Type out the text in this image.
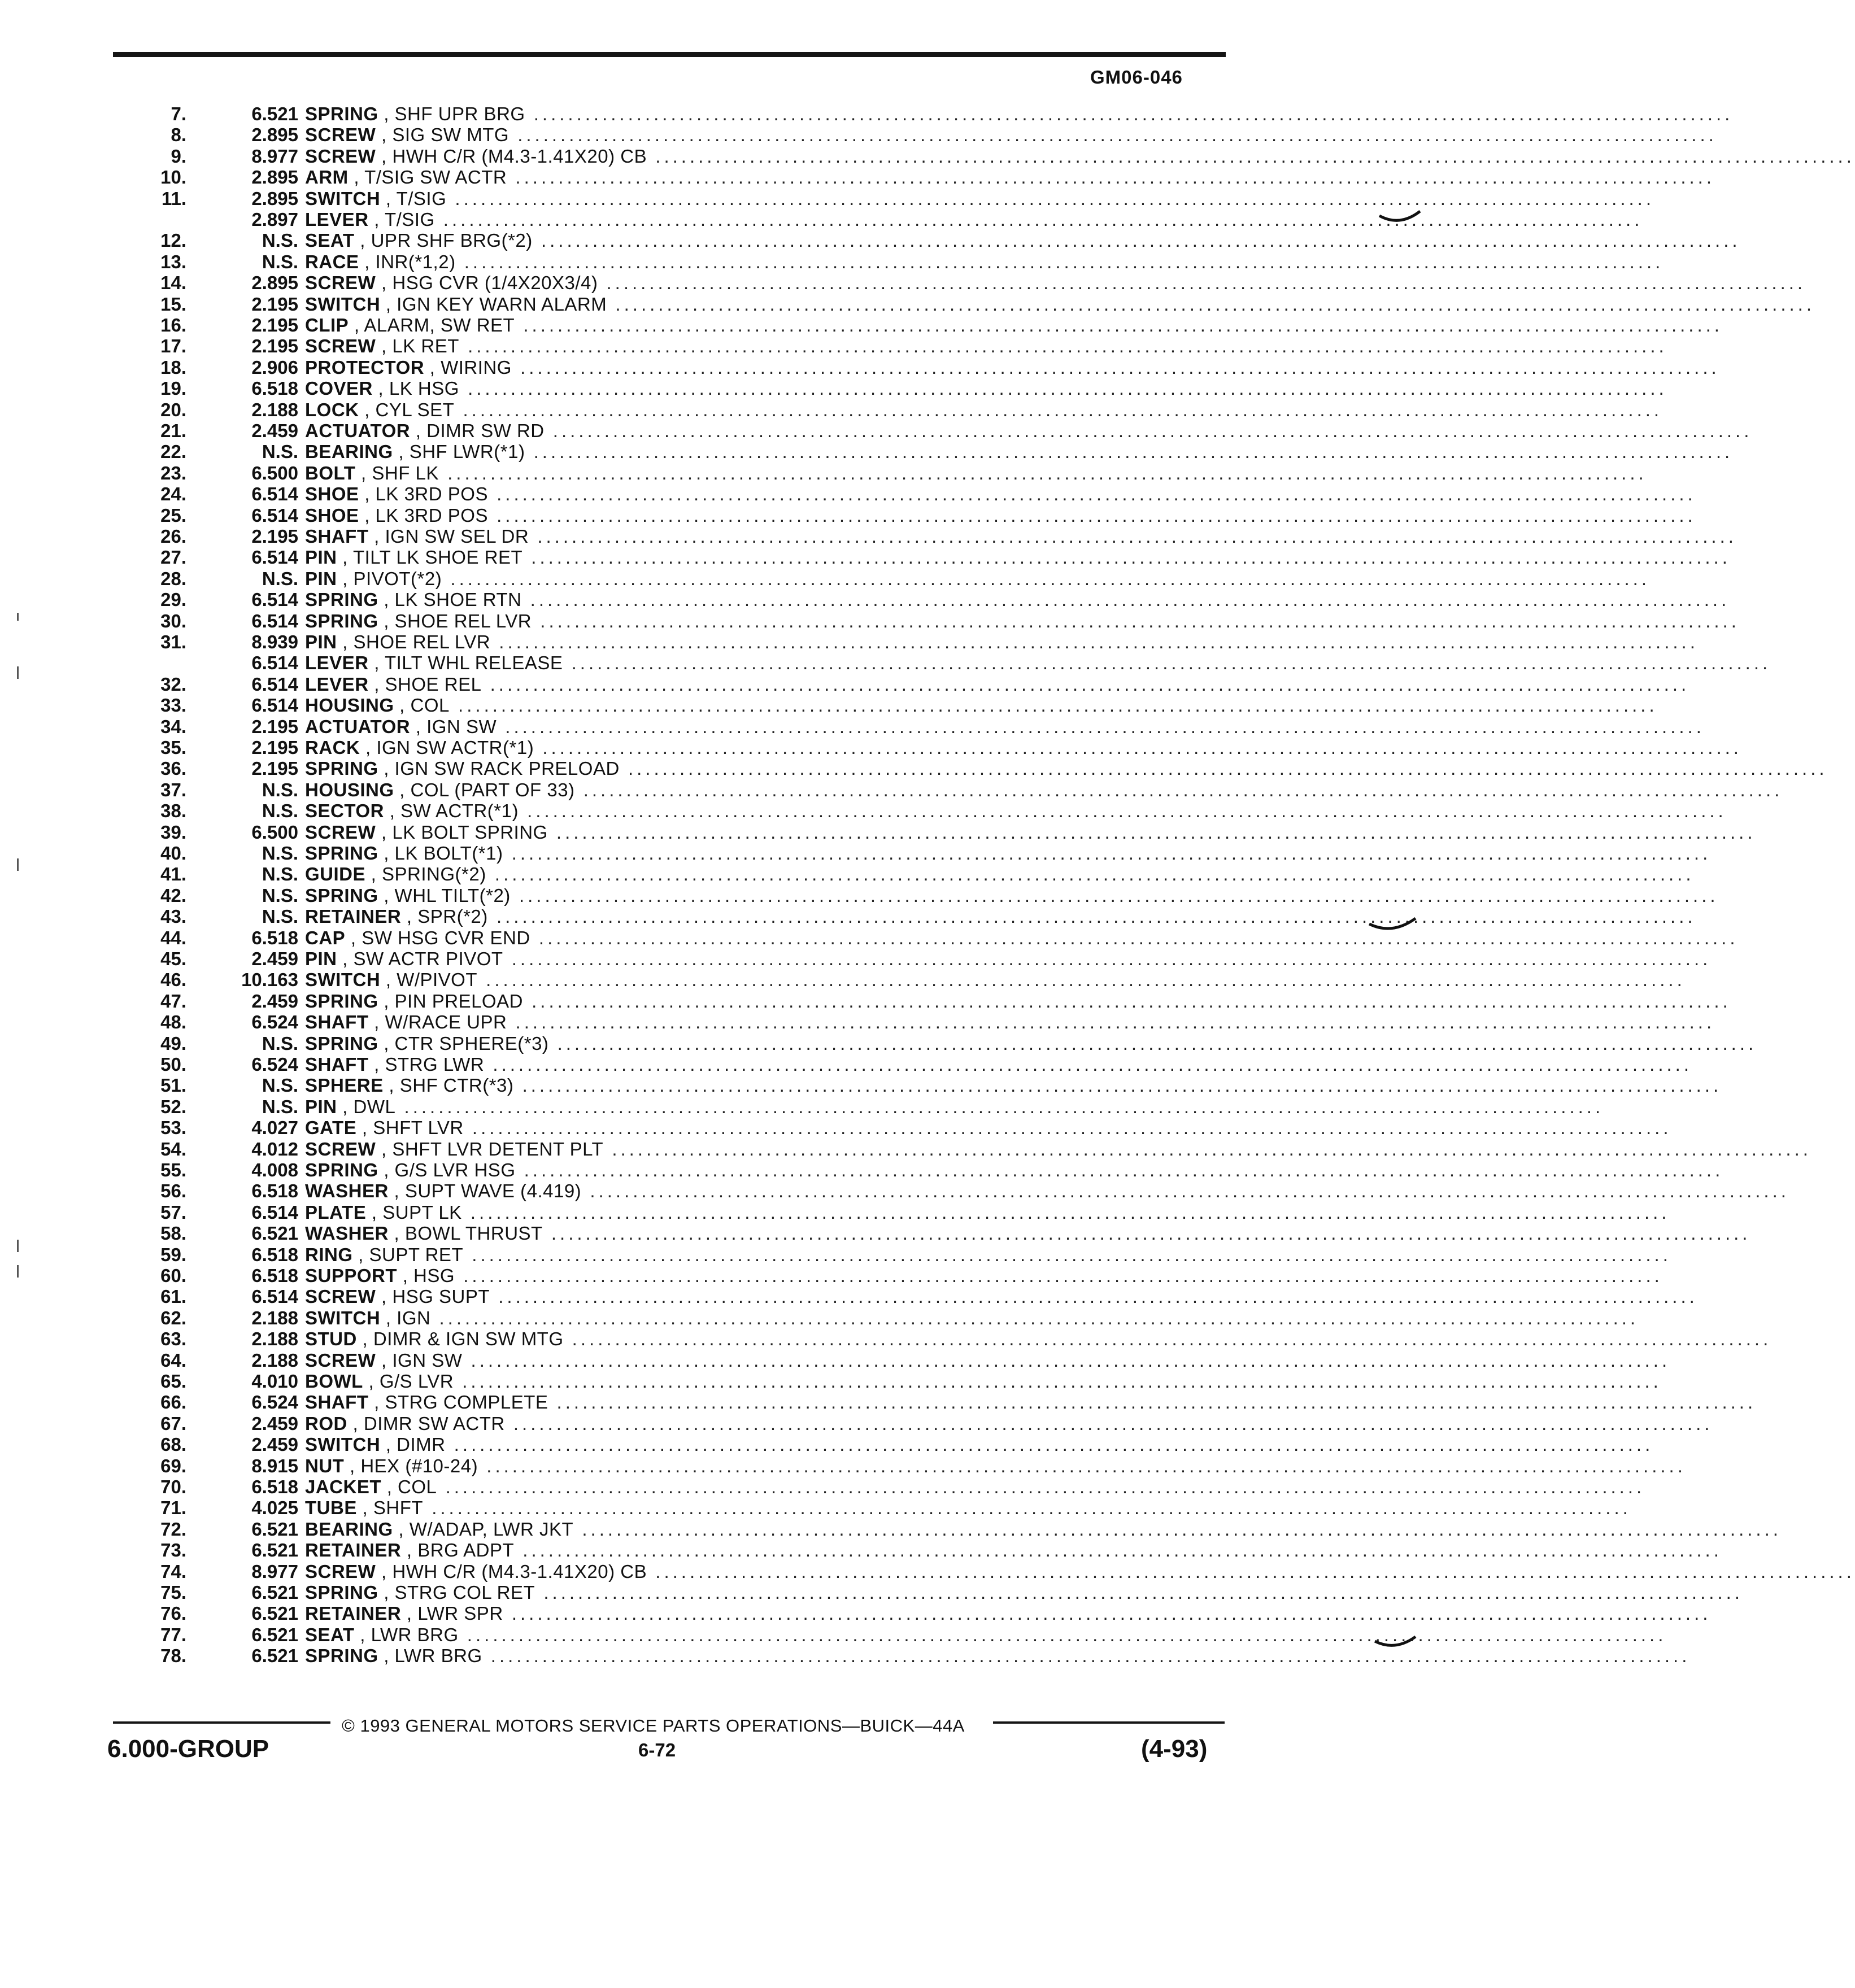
GM06-046
7.	6.521 SPRING , SHF UPR BRG ............................................................................................................................................
8.	2.895 SCREW , SIG SW MTG ............................................................................................................................................
9.	8.977 SCREW , HWH C/R (M4.3-1.41X20) CB ............................................................................................................................................
10.	2.895 ARM , T/SIG SW ACTR ............................................................................................................................................
11.	2.895 SWITCH , T/SIG ............................................................................................................................................
2.897 LEVER , T/SIG ............................................................................................................................................
12.	N.S. SEAT , UPR SHF BRG(*2) ............................................................................................................................................
13.	N.S. RACE , INR(*1,2) ............................................................................................................................................
14.	2.895 SCREW , HSG CVR (1/4X20X3/4) ............................................................................................................................................
15.	2.195 SWITCH , IGN KEY WARN ALARM ............................................................................................................................................
16.	2.195 CLIP , ALARM, SW RET ............................................................................................................................................
17.	2.195 SCREW , LK RET ............................................................................................................................................
18.	2.906 PROTECTOR , WIRING ............................................................................................................................................
19.	6.518 COVER , LK HSG ............................................................................................................................................
20.	2.188 LOCK , CYL SET ............................................................................................................................................
21.	2.459 ACTUATOR , DIMR SW RD ............................................................................................................................................
22.	N.S. BEARING , SHF LWR(*1) ............................................................................................................................................
23.	6.500 BOLT , SHF LK ............................................................................................................................................
24.	6.514 SHOE , LK 3RD POS ............................................................................................................................................
25.	6.514 SHOE , LK 3RD POS ............................................................................................................................................
26.	2.195 SHAFT , IGN SW SEL DR ............................................................................................................................................
27.	6.514 PIN , TILT LK SHOE RET ............................................................................................................................................
28.	N.S. PIN , PIVOT(*2) ............................................................................................................................................
29.	6.514 SPRING , LK SHOE RTN ............................................................................................................................................
30.	6.514 SPRING , SHOE REL LVR ............................................................................................................................................
31.	8.939 PIN , SHOE REL LVR ............................................................................................................................................
6.514 LEVER , TILT WHL RELEASE ............................................................................................................................................
32.	6.514 LEVER , SHOE REL ............................................................................................................................................
33.	6.514 HOUSING , COL ............................................................................................................................................
34.	2.195 ACTUATOR , IGN SW ............................................................................................................................................
35.	2.195 RACK , IGN SW ACTR(*1) ............................................................................................................................................
36.	2.195 SPRING , IGN SW RACK PRELOAD ............................................................................................................................................
37.	N.S. HOUSING , COL (PART OF 33) ............................................................................................................................................
38.	N.S. SECTOR , SW ACTR(*1) ............................................................................................................................................
39.	6.500 SCREW , LK BOLT SPRING ............................................................................................................................................
40.	N.S. SPRING , LK BOLT(*1) ............................................................................................................................................
41.	N.S. GUIDE , SPRING(*2) ............................................................................................................................................
42.	N.S. SPRING , WHL TILT(*2) ............................................................................................................................................
43.	N.S. RETAINER , SPR(*2) ............................................................................................................................................
44.	6.518 CAP , SW HSG CVR END ............................................................................................................................................
45.	2.459 PIN , SW ACTR PIVOT ............................................................................................................................................
46.	10.163 SWITCH , W/PIVOT ............................................................................................................................................
47.	2.459 SPRING , PIN PRELOAD ............................................................................................................................................
48.	6.524 SHAFT , W/RACE UPR ............................................................................................................................................
49.	N.S. SPRING , CTR SPHERE(*3) ............................................................................................................................................
50.	6.524 SHAFT , STRG LWR ............................................................................................................................................
51.	N.S. SPHERE , SHF CTR(*3) ............................................................................................................................................
52.	N.S. PIN , DWL ............................................................................................................................................
53.	4.027 GATE , SHFT LVR ............................................................................................................................................
54.	4.012 SCREW , SHFT LVR DETENT PLT ............................................................................................................................................
55.	4.008 SPRING , G/S LVR HSG ............................................................................................................................................
56.	6.518 WASHER , SUPT WAVE (4.419) ............................................................................................................................................
57.	6.514 PLATE , SUPT LK ............................................................................................................................................
58.	6.521 WASHER , BOWL THRUST ............................................................................................................................................
59.	6.518 RING , SUPT RET ............................................................................................................................................
60.	6.518 SUPPORT , HSG ............................................................................................................................................
61.	6.514 SCREW , HSG SUPT ............................................................................................................................................
62.	2.188 SWITCH , IGN ............................................................................................................................................
63.	2.188 STUD , DIMR & IGN SW MTG ............................................................................................................................................
64.	2.188 SCREW , IGN SW ............................................................................................................................................
65.	4.010 BOWL , G/S LVR ............................................................................................................................................
66.	6.524 SHAFT , STRG COMPLETE ............................................................................................................................................
67.	2.459 ROD , DIMR SW ACTR ............................................................................................................................................
68.	2.459 SWITCH , DIMR ............................................................................................................................................
69.	8.915 NUT , HEX (#10-24) ............................................................................................................................................
70.	6.518 JACKET , COL ............................................................................................................................................
71.	4.025 TUBE , SHFT ............................................................................................................................................
72.	6.521 BEARING , W/ADAP, LWR JKT ............................................................................................................................................
73.	6.521 RETAINER , BRG ADPT ............................................................................................................................................
74.	8.977 SCREW , HWH C/R (M4.3-1.41X20) CB ............................................................................................................................................
75.	6.521 SPRING , STRG COL RET ............................................................................................................................................
76.	6.521 RETAINER , LWR SPR ............................................................................................................................................
77.	6.521 SEAT , LWR BRG ............................................................................................................................................
78.	6.521 SPRING , LWR BRG ............................................................................................................................................
© 1993 GENERAL MOTORS SERVICE PARTS OPERATIONS—BUICK—44A
6.000-GROUP	6-72	(4-93)
